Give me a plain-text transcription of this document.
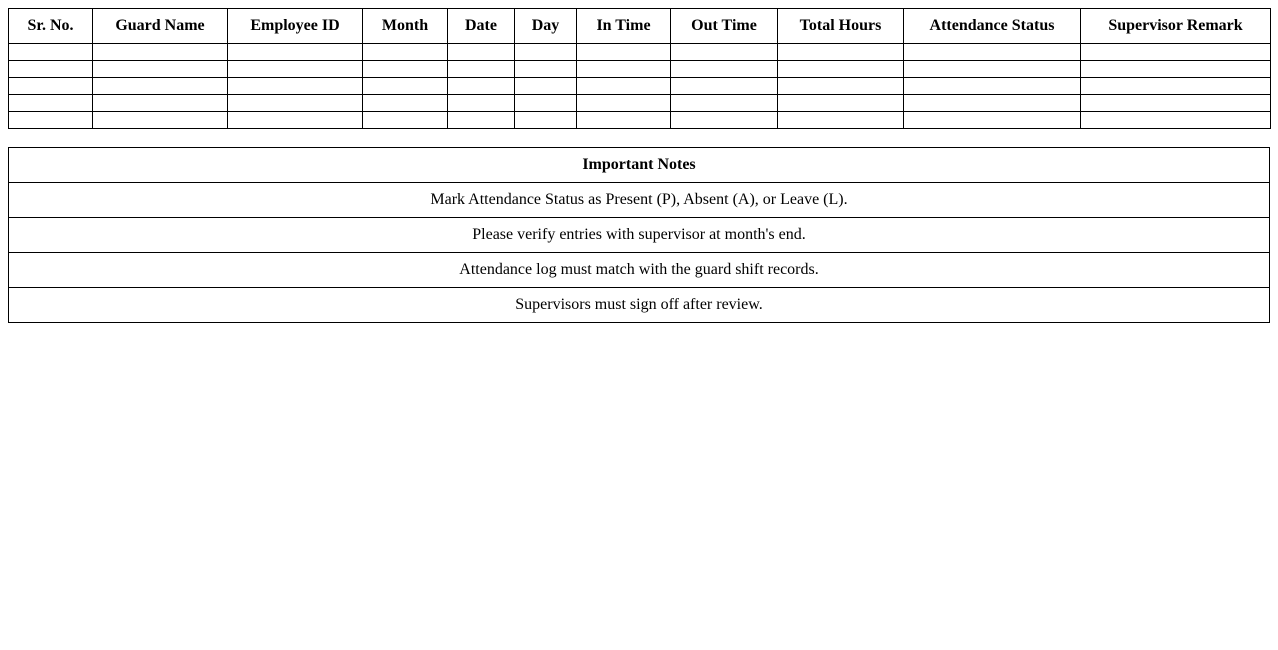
Sr. No.	Guard Name	Employee ID	Month	Date	Day	In Time	Out Time	Total Hours	Attendance Status	Supervisor Remark

Important Notes
Mark Attendance Status as Present (P), Absent (A), or Leave (L).
Please verify entries with supervisor at month's end.
Attendance log must match with the guard shift records.
Supervisors must sign off after review.
